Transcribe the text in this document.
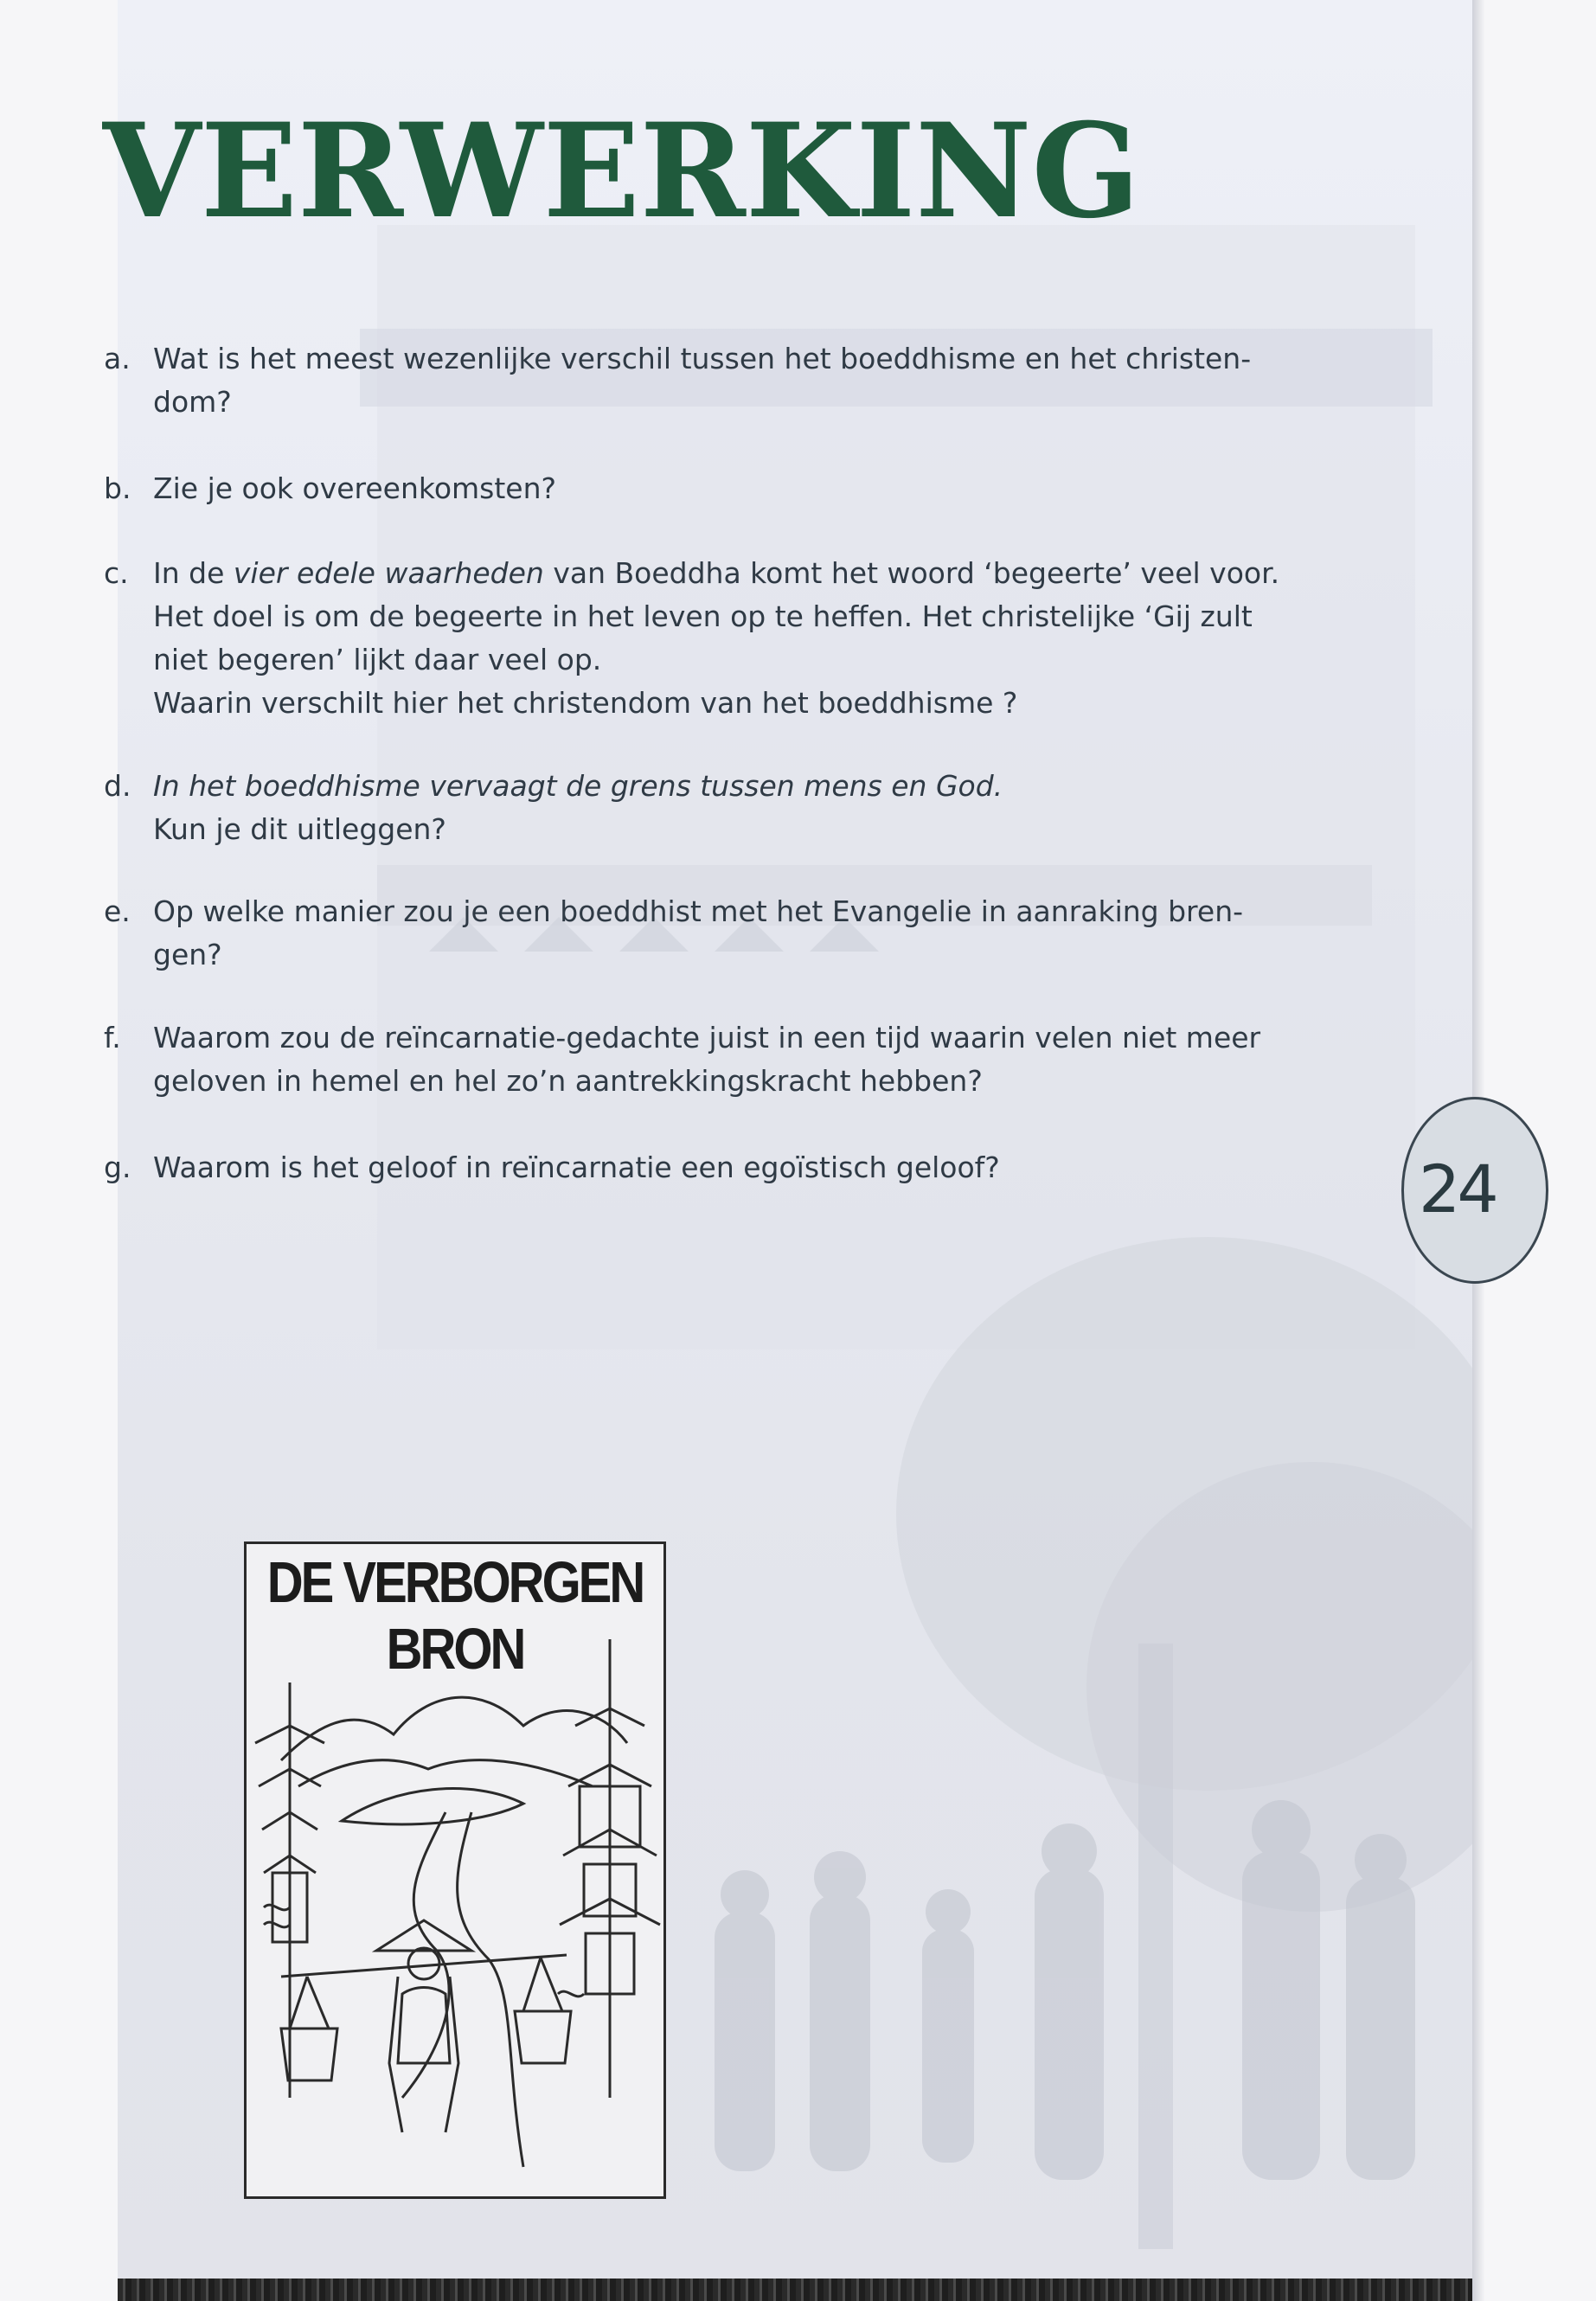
VERWERKING
a. Wat is het meest wezenlijke verschil tussen het boeddhisme en het christen-
dom?
b. Zie je ook overeenkomsten?
c. In de vier edele waarheden van Boeddha komt het woord ‘begeerte’ veel voor.
Het doel is om de begeerte in het leven op te heffen. Het christelijke ‘Gij zult
niet begeren’ lijkt daar veel op.
Waarin verschilt hier het christendom van het boeddhisme ?
d. In het boeddhisme vervaagt de grens tussen mens en God.
Kun je dit uitleggen?
e. Op welke manier zou je een boeddhist met het Evangelie in aanraking bren-
gen?
f.	Waarom zou de reïncarnatie-gedachte juist in een tijd waarin velen niet meer
geloven in hemel en hel zo’n aantrekkingskracht hebben?
g. Waarom is het geloof in reïncarnatie een egoïstisch geloof?	24
DE VERBORGEN BRON
